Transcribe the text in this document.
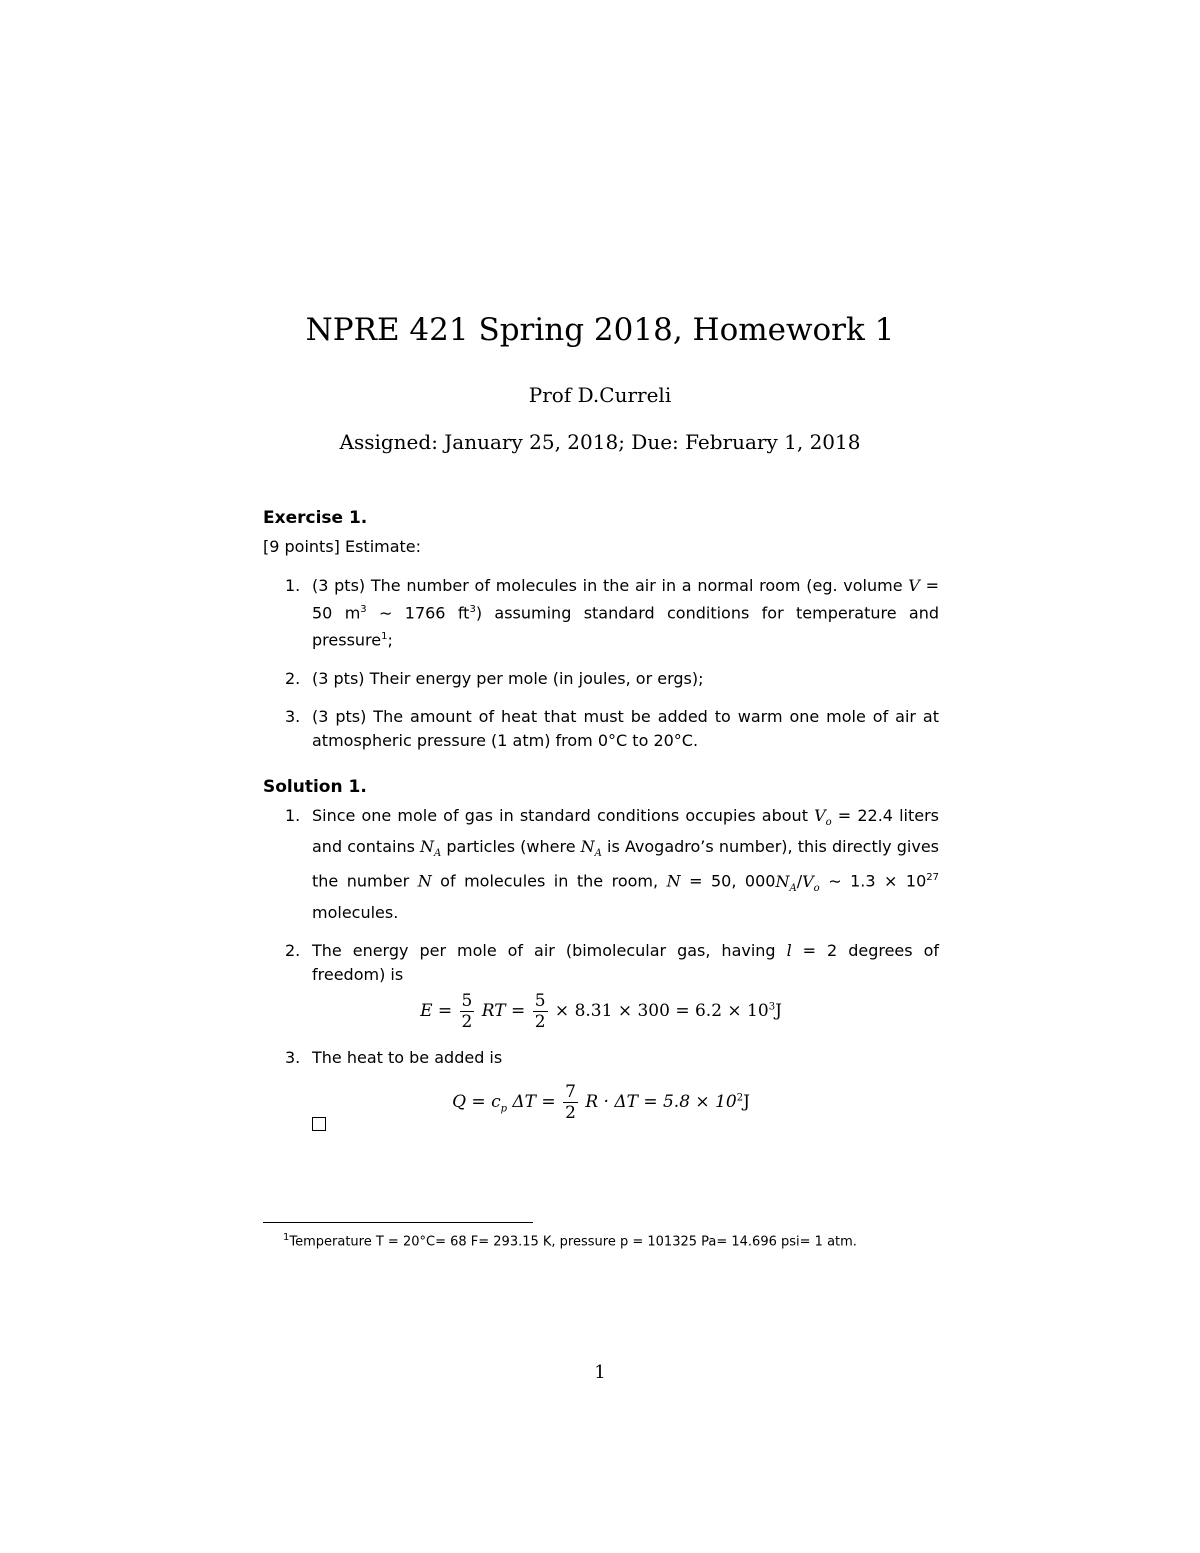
NPRE 421 Spring 2018, Homework 1
Prof D.Curreli
Assigned: January 25, 2018; Due: February 1, 2018
Exercise 1.
[9 points] Estimate:
1. (3 pts) The number of molecules in the air in a normal room (eg. volume V = 50 $m^3$ ∼ 1766 $ft^3$) assuming standard conditions for temperature and pressure$^1$;
2. (3 pts) Their energy per mole (in joules, or ergs);
3. (3 pts) The amount of heat that must be added to warm one mole of air at atmospheric pressure (1 atm) from 0°C to 20°C.
Solution 1.
1. Since one mole of gas in standard conditions occupies about $V_o = 22.4$ liters and contains $N_A$ particles (where $N_A$ is Avogadro’s number), this directly gives the number N of molecules in the room, N = 50, $000N_A/V_o$ ∼ $1.3 \times 10^{27}$ molecules.
2. The energy per mole of air (bimolecular gas, having l = 2 degrees of freedom) is
$E = \frac{5}{2}$ RT = $\frac{5}{2} \times 8.31 \times 300 = 6.2 \times 10^3J$
3. The heat to be added is
$Q = c_p$ $\Delta T = \frac{7}{2}$ $R \cdot \Delta T = 5.8 \times 10^2J$
$^1$Temperature T = 20°C= 68 F= 293.15 K, pressure p = 101325 Pa= 14.696 psi= 1 atm.
1
